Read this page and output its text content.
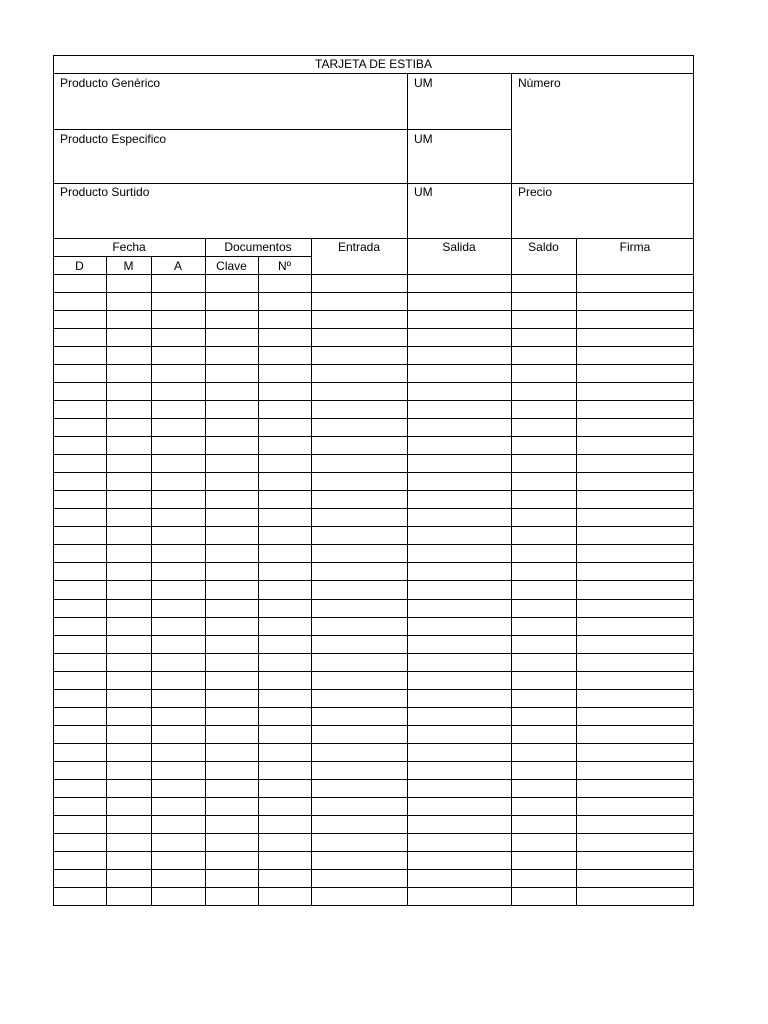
TARJETA DE ESTIBA
Producto Genèrico	UM	Nùmero
Producto Especifico	UM
Producto Surtido	UM	Precio
Fecha	Documentos	Entrada	Salida	Saldo	Firma
D	M	A	Clave	Nº
